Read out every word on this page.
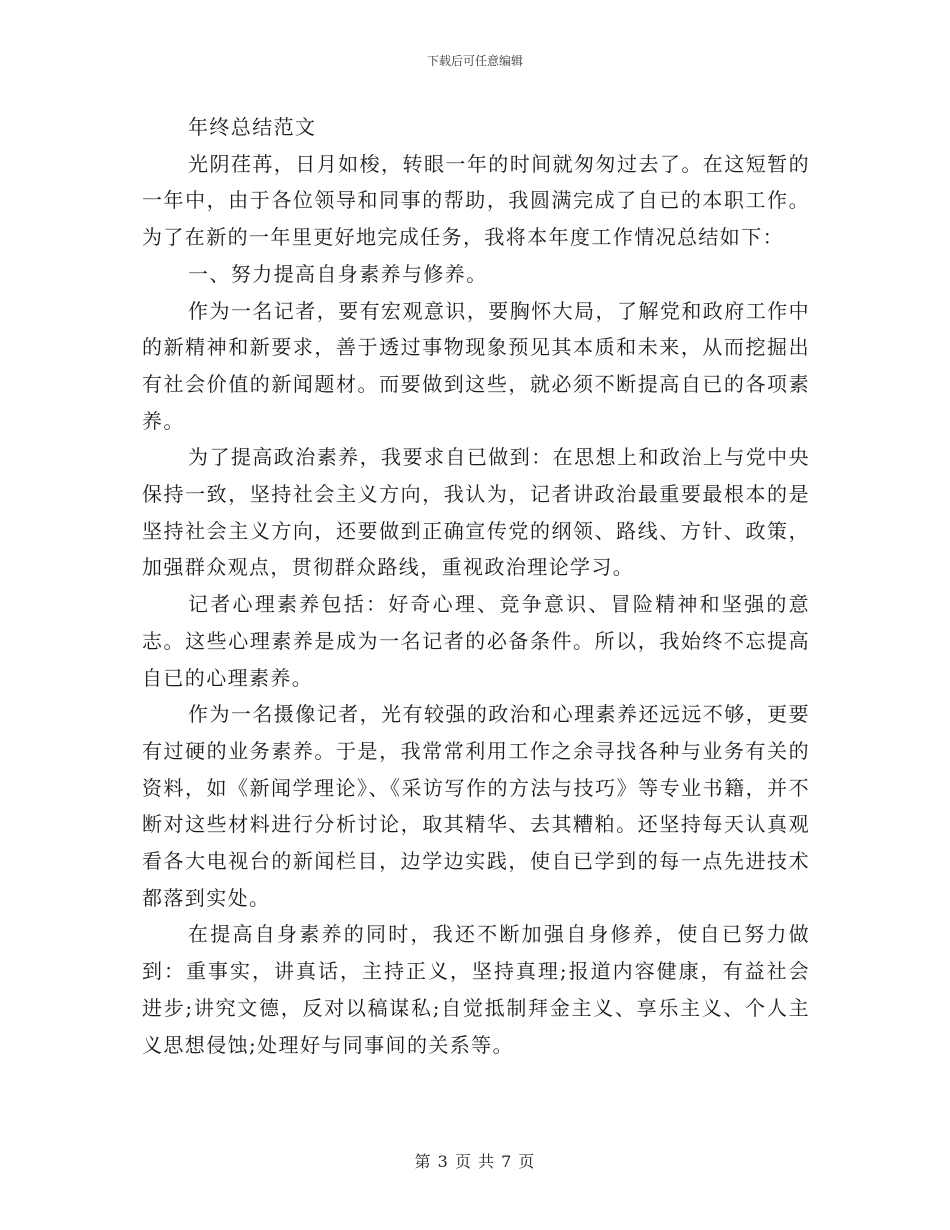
下载后可任意编辑

年终总结范文

光阴荏苒，日月如梭，转眼一年的时间就匆匆过去了。在这短暂的一年中，由于各位领导和同事的帮助，我圆满完成了自已的本职工作。为了在新的一年里更好地完成任务，我将本年度工作情况总结如下：

一、努力提高自身素养与修养。

作为一名记者，要有宏观意识，要胸怀大局，了解党和政府工作中的新精神和新要求，善于透过事物现象预见其本质和未来，从而挖掘出有社会价值的新闻题材。而要做到这些，就必须不断提高自已的各项素养。

为了提高政治素养，我要求自已做到：在思想上和政治上与党中央保持一致，坚持社会主义方向，我认为，记者讲政治最重要最根本的是坚持社会主义方向，还要做到正确宣传党的纲领、路线、方针、政策，加强群众观点，贯彻群众路线，重视政治理论学习。

记者心理素养包括：好奇心理、竞争意识、冒险精神和坚强的意志。这些心理素养是成为一名记者的必备条件。所以，我始终不忘提高自已的心理素养。

作为一名摄像记者，光有较强的政治和心理素养还远远不够，更要有过硬的业务素养。于是，我常常利用工作之余寻找各种与业务有关的资料，如《新闻学理论》、《采访写作的方法与技巧》等专业书籍，并不断对这些材料进行分析讨论，取其精华、去其糟粕。还坚持每天认真观看各大电视台的新闻栏目，边学边实践，使自已学到的每一点先进技术都落到实处。

在提高自身素养的同时，我还不断加强自身修养，使自已努力做到：重事实，讲真话，主持正义，坚持真理;报道内容健康，有益社会进步;讲究文德，反对以稿谋私;自觉抵制拜金主义、享乐主义、个人主义思想侵蚀;处理好与同事间的关系等。

第 3 页 共 7 页
